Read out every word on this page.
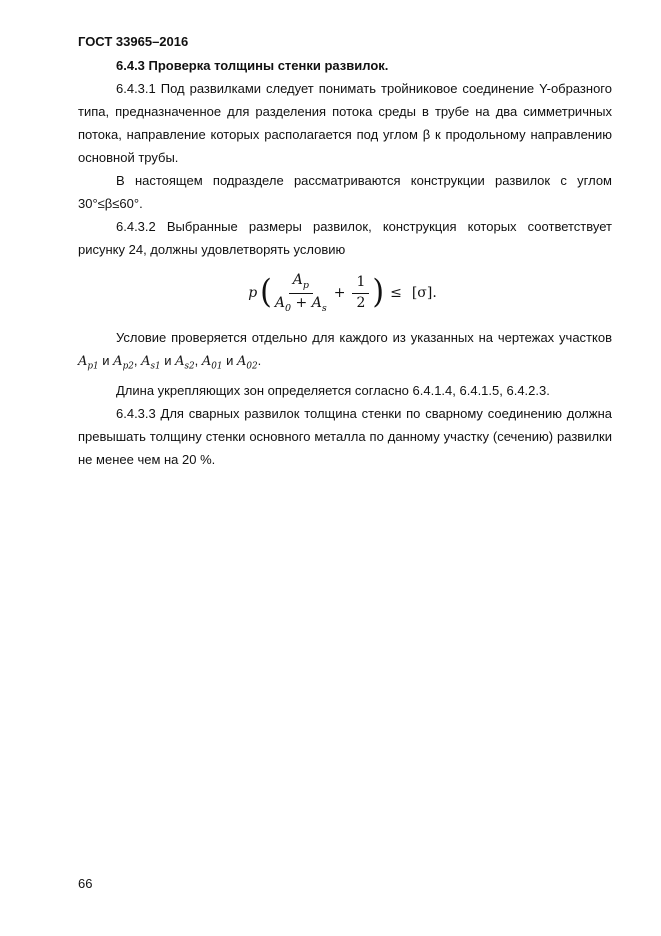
ГОСТ 33965–2016
6.4.3 Проверка толщины стенки развилок.

6.4.3.1 Под развилками следует понимать тройниковое соединение Y-образного типа, предназначенное для разделения потока среды в трубе на два симметричных потока, направление которых располагается под углом β к продольному направлению основной трубы.

В настоящем подразделе рассматриваются конструкции развилок с углом 30°≤β≤60°.

6.4.3.2 Выбранные размеры развилок, конструкция которых соответствует рисунку 24, должны удовлетворять условию

p ( $\frac{A_p}{A_0 + A_s} + \frac{1}{2}$ ) ≤ [σ].

Условие проверяется отдельно для каждого из указанных на чертежах участков $A_{p1}$ и $A_{p2}$, $A_{s1}$ и $A_{s2}$, $A_{01}$ и $A_{02}$.

Длина укрепляющих зон определяется согласно 6.4.1.4, 6.4.1.5, 6.4.2.3.

6.4.3.3 Для сварных развилок толщина стенки по сварному соединению должна превышать толщину стенки основного металла по данному участку (сечению) развилки не менее чем на 20 %.

66
